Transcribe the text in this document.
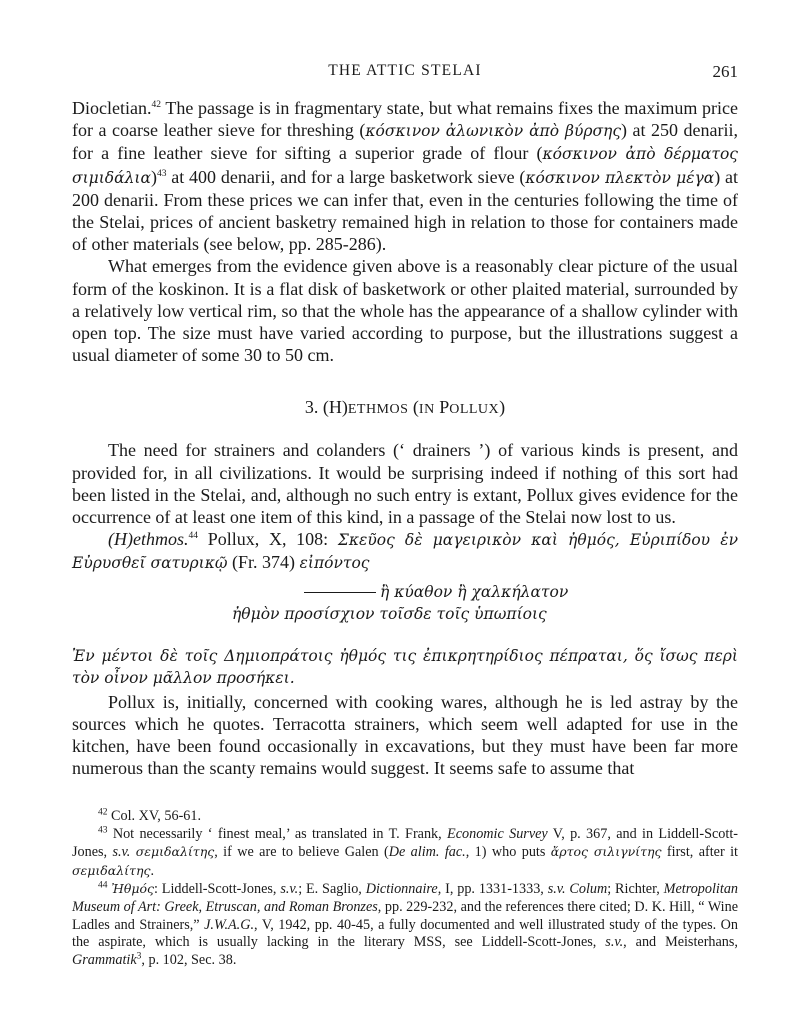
THE ATTIC STELAI	261

Diocletian.$^{42}$ The passage is in fragmentary state, but what remains fixes the maximum price for a coarse leather sieve for threshing (κόσκινον ἀλωνικὸν ἀπὸ βύρσης) at 250 denarii, for a fine leather sieve for sifting a superior grade of flour (κόσκινον ἀπὸ δέρματος σιμιδάλια)$^{43}$ at 400 denarii, and for a large basketwork sieve (κόσκινον πλεκτὸν μέγα) at 200 denarii. From these prices we can infer that, even in the centuries following the time of the Stelai, prices of ancient basketry remained high in relation to those for containers made of other materials (see below, pp. 285-286).

What emerges from the evidence given above is a reasonably clear picture of the usual form of the koskinon. It is a flat disk of basketwork or other plaited material, surrounded by a relatively low vertical rim, so that the whole has the appearance of a shallow cylinder with open top. The size must have varied according to purpose, but the illustrations suggest a usual diameter of some 30 to 50 cm.

3. (H)ETHMOS (IN POLLUX)

The need for strainers and colanders (‘ drainers ’) of various kinds is present, and provided for, in all civilizations. It would be surprising indeed if nothing of this sort had been listed in the Stelai, and, although no such entry is extant, Pollux gives evidence for the occurrence of at least one item of this kind, in a passage of the Stelai now lost to us.

(H)ethmos.$^{44}$ Pollux, X, 108: Σκεῦος δὲ μαγειρικὸν καὶ ἠθμός, Εὐριπίδου ἐν Εὐρυσθεῖ σατυρικῷ (Fr. 374) εἰπόντος

ἢ κύαθον ἢ χαλκήλατον
ἠθμὸν προσίσχιον τοῖσδε τοῖς ὑπωπίοις

Ἐν μέντοι δὲ τοῖς Δημιοπράτοις ἠθμός τις ἐπικρητηρίδιος πέπραται, ὅς ἴσως περὶ τὸν οἶνον μᾶλλον προσήκει.

Pollux is, initially, concerned with cooking wares, although he is led astray by the sources which he quotes. Terracotta strainers, which seem well adapted for use in the kitchen, have been found occasionally in excavations, but they must have been far more numerous than the scanty remains would suggest. It seems safe to assume that

$^{42}$ Col. XV, 56-61.

$^{43}$ Not necessarily ‘ finest meal,’ as translated in T. Frank, Economic Survey V, p. 367, and in Liddell-Scott-Jones, s.v. σεμιδαλίτης, if we are to believe Galen (De alim. fac., 1) who puts ἄρτος σιλιγνίτης first, after it σεμιδαλίτης.

$^{44}$ Ἠθμός: Liddell-Scott-Jones, s.v.; E. Saglio, Dictionnaire, I, pp. 1331-1333, s.v. Colum; Richter, Metropolitan Museum of Art: Greek, Etruscan, and Roman Bronzes, pp. 229-232, and the references there cited; D. K. Hill, “ Wine Ladles and Strainers,” J.W.A.G., V, 1942, pp. 40-45, a fully documented and well illustrated study of the types. On the aspirate, which is usually lacking in the literary MSS, see Liddell-Scott-Jones, s.v., and Meisterhans, Grammatik$^3$, p. 102, Sec. 38.
